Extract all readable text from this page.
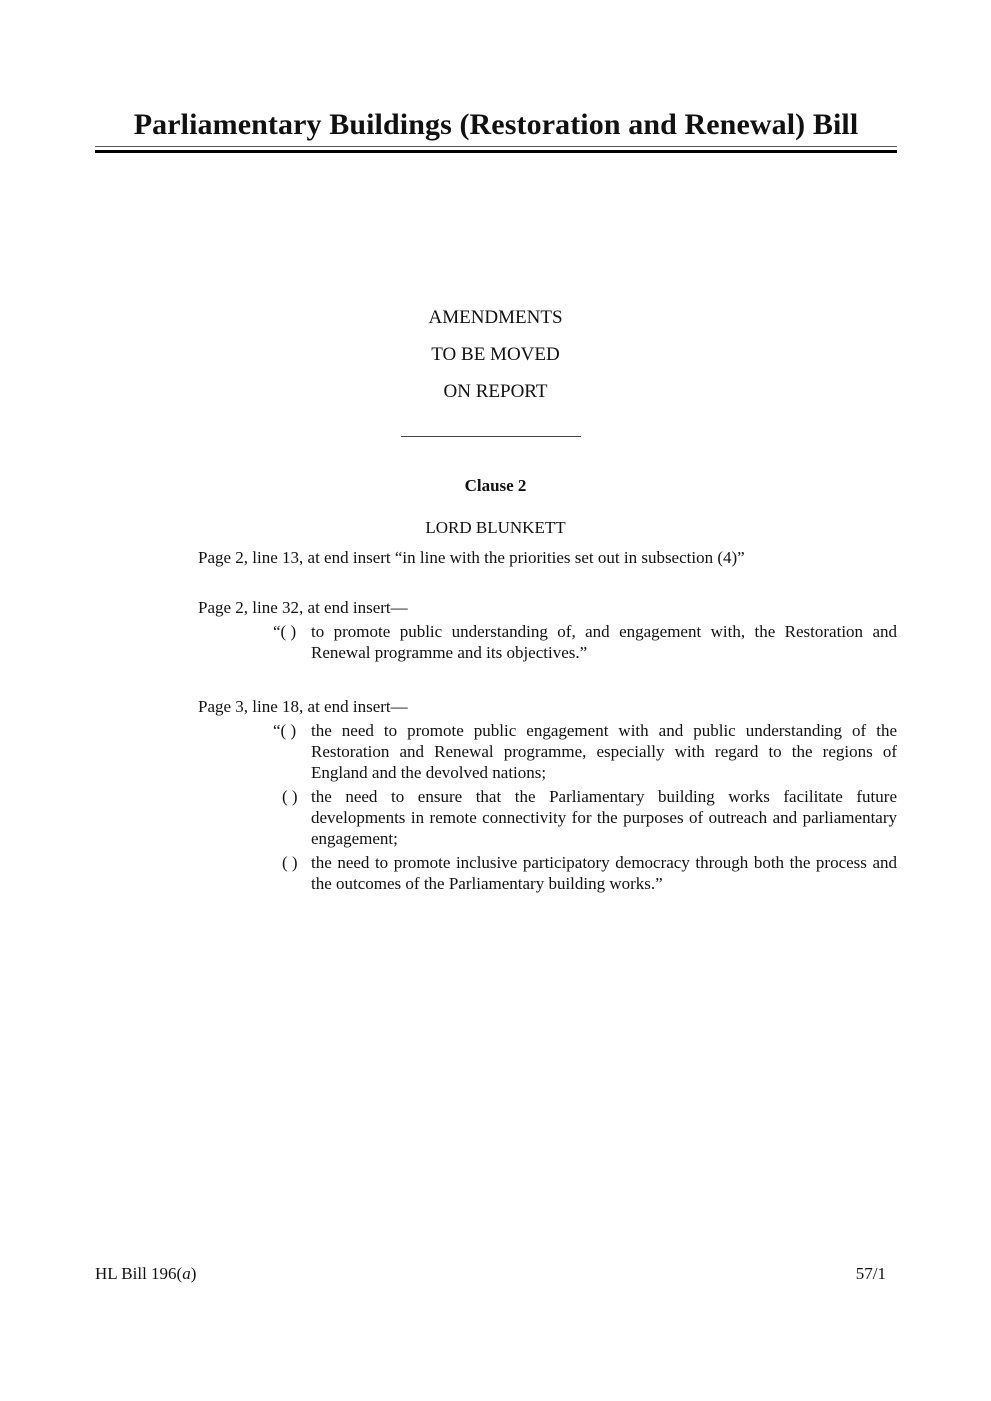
Parliamentary Buildings (Restoration and Renewal) Bill
AMENDMENTS
TO BE MOVED
ON REPORT
Clause 2
LORD BLUNKETT
Page 2, line 13, at end insert “in line with the priorities set out in subsection (4)”
Page 2, line 32, at end insert—
“( ) to promote public understanding of, and engagement with, the Restoration and Renewal programme and its objectives.”
Page 3, line 18, at end insert—
“( ) the need to promote public engagement with and public understanding of the Restoration and Renewal programme, especially with regard to the regions of England and the devolved nations;
( ) the need to ensure that the Parliamentary building works facilitate future developments in remote connectivity for the purposes of outreach and parliamentary engagement;
( ) the need to promote inclusive participatory democracy through both the process and the outcomes of the Parliamentary building works.”
HL Bill 196(a)	57/1
